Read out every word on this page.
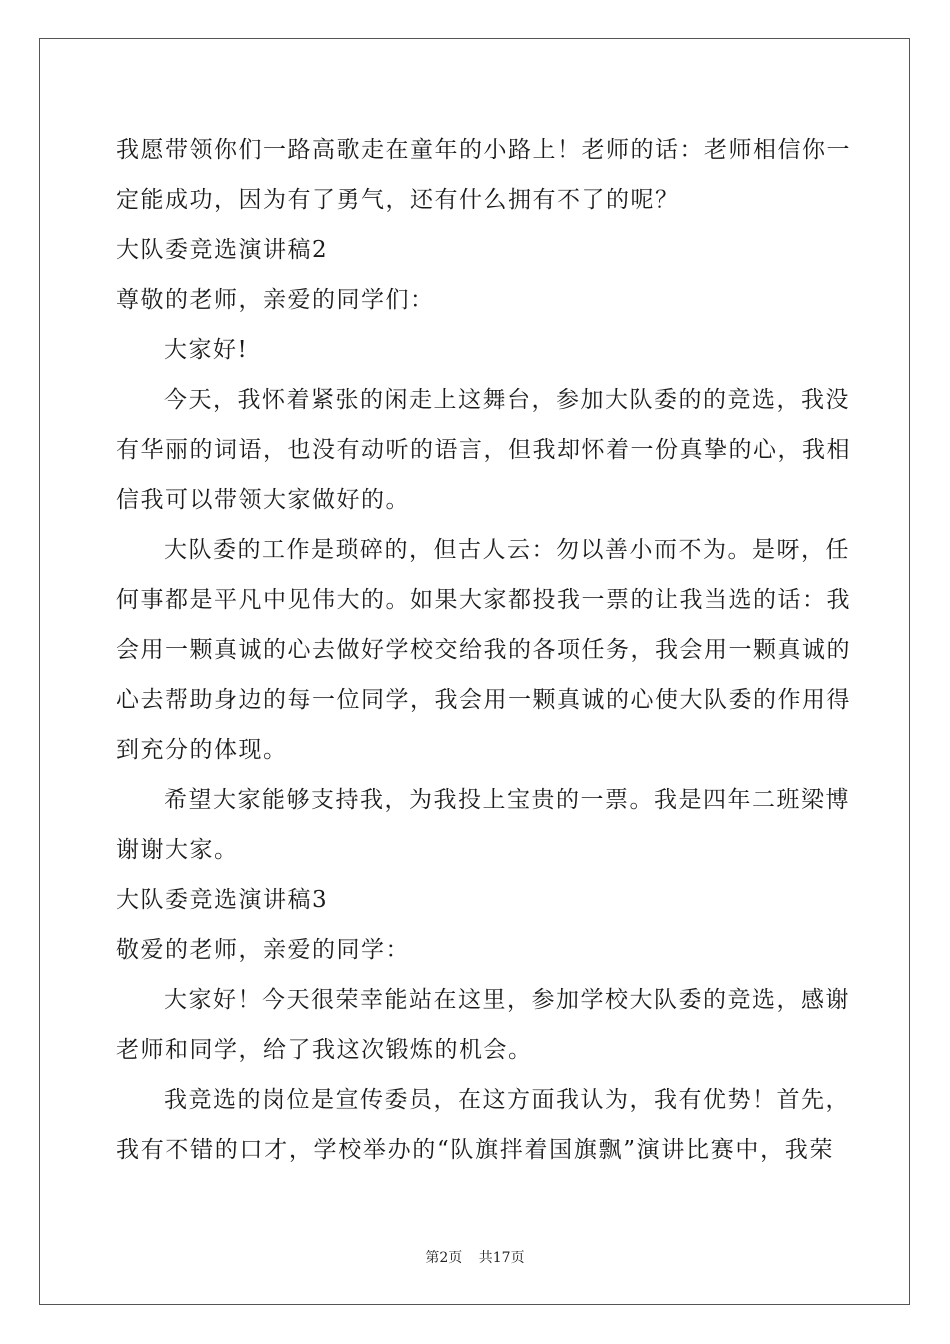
我愿带领你们一路高歌走在童年的小路上！老师的话：老师相信你一
定能成功，因为有了勇气，还有什么拥有不了的呢？
大队委竞选演讲稿2
尊敬的老师，亲爱的同学们：
大家好!
今天，我怀着紧张的闲走上这舞台，参加大队委的的竞选，我没
有华丽的词语，也没有动听的语言，但我却怀着一份真挚的心，我相
信我可以带领大家做好的。
大队委的工作是琐碎的，但古人云：勿以善小而不为。是呀，任
何事都是平凡中见伟大的。如果大家都投我一票的让我当选的话：我
会用一颗真诚的心去做好学校交给我的各项任务，我会用一颗真诚的
心去帮助身边的每一位同学，我会用一颗真诚的心使大队委的作用得
到充分的体现。
希望大家能够支持我，为我投上宝贵的一票。我是四年二班梁博
谢谢大家。
大队委竞选演讲稿3
敬爱的老师，亲爱的同学：
大家好！今天很荣幸能站在这里，参加学校大队委的竞选，感谢
老师和同学，给了我这次锻炼的机会。
我竞选的岗位是宣传委员，在这方面我认为，我有优势！首先，
我有不错的口才，学校举办的“队旗拌着国旗飘”演讲比赛中，我荣
第2页 共17页
